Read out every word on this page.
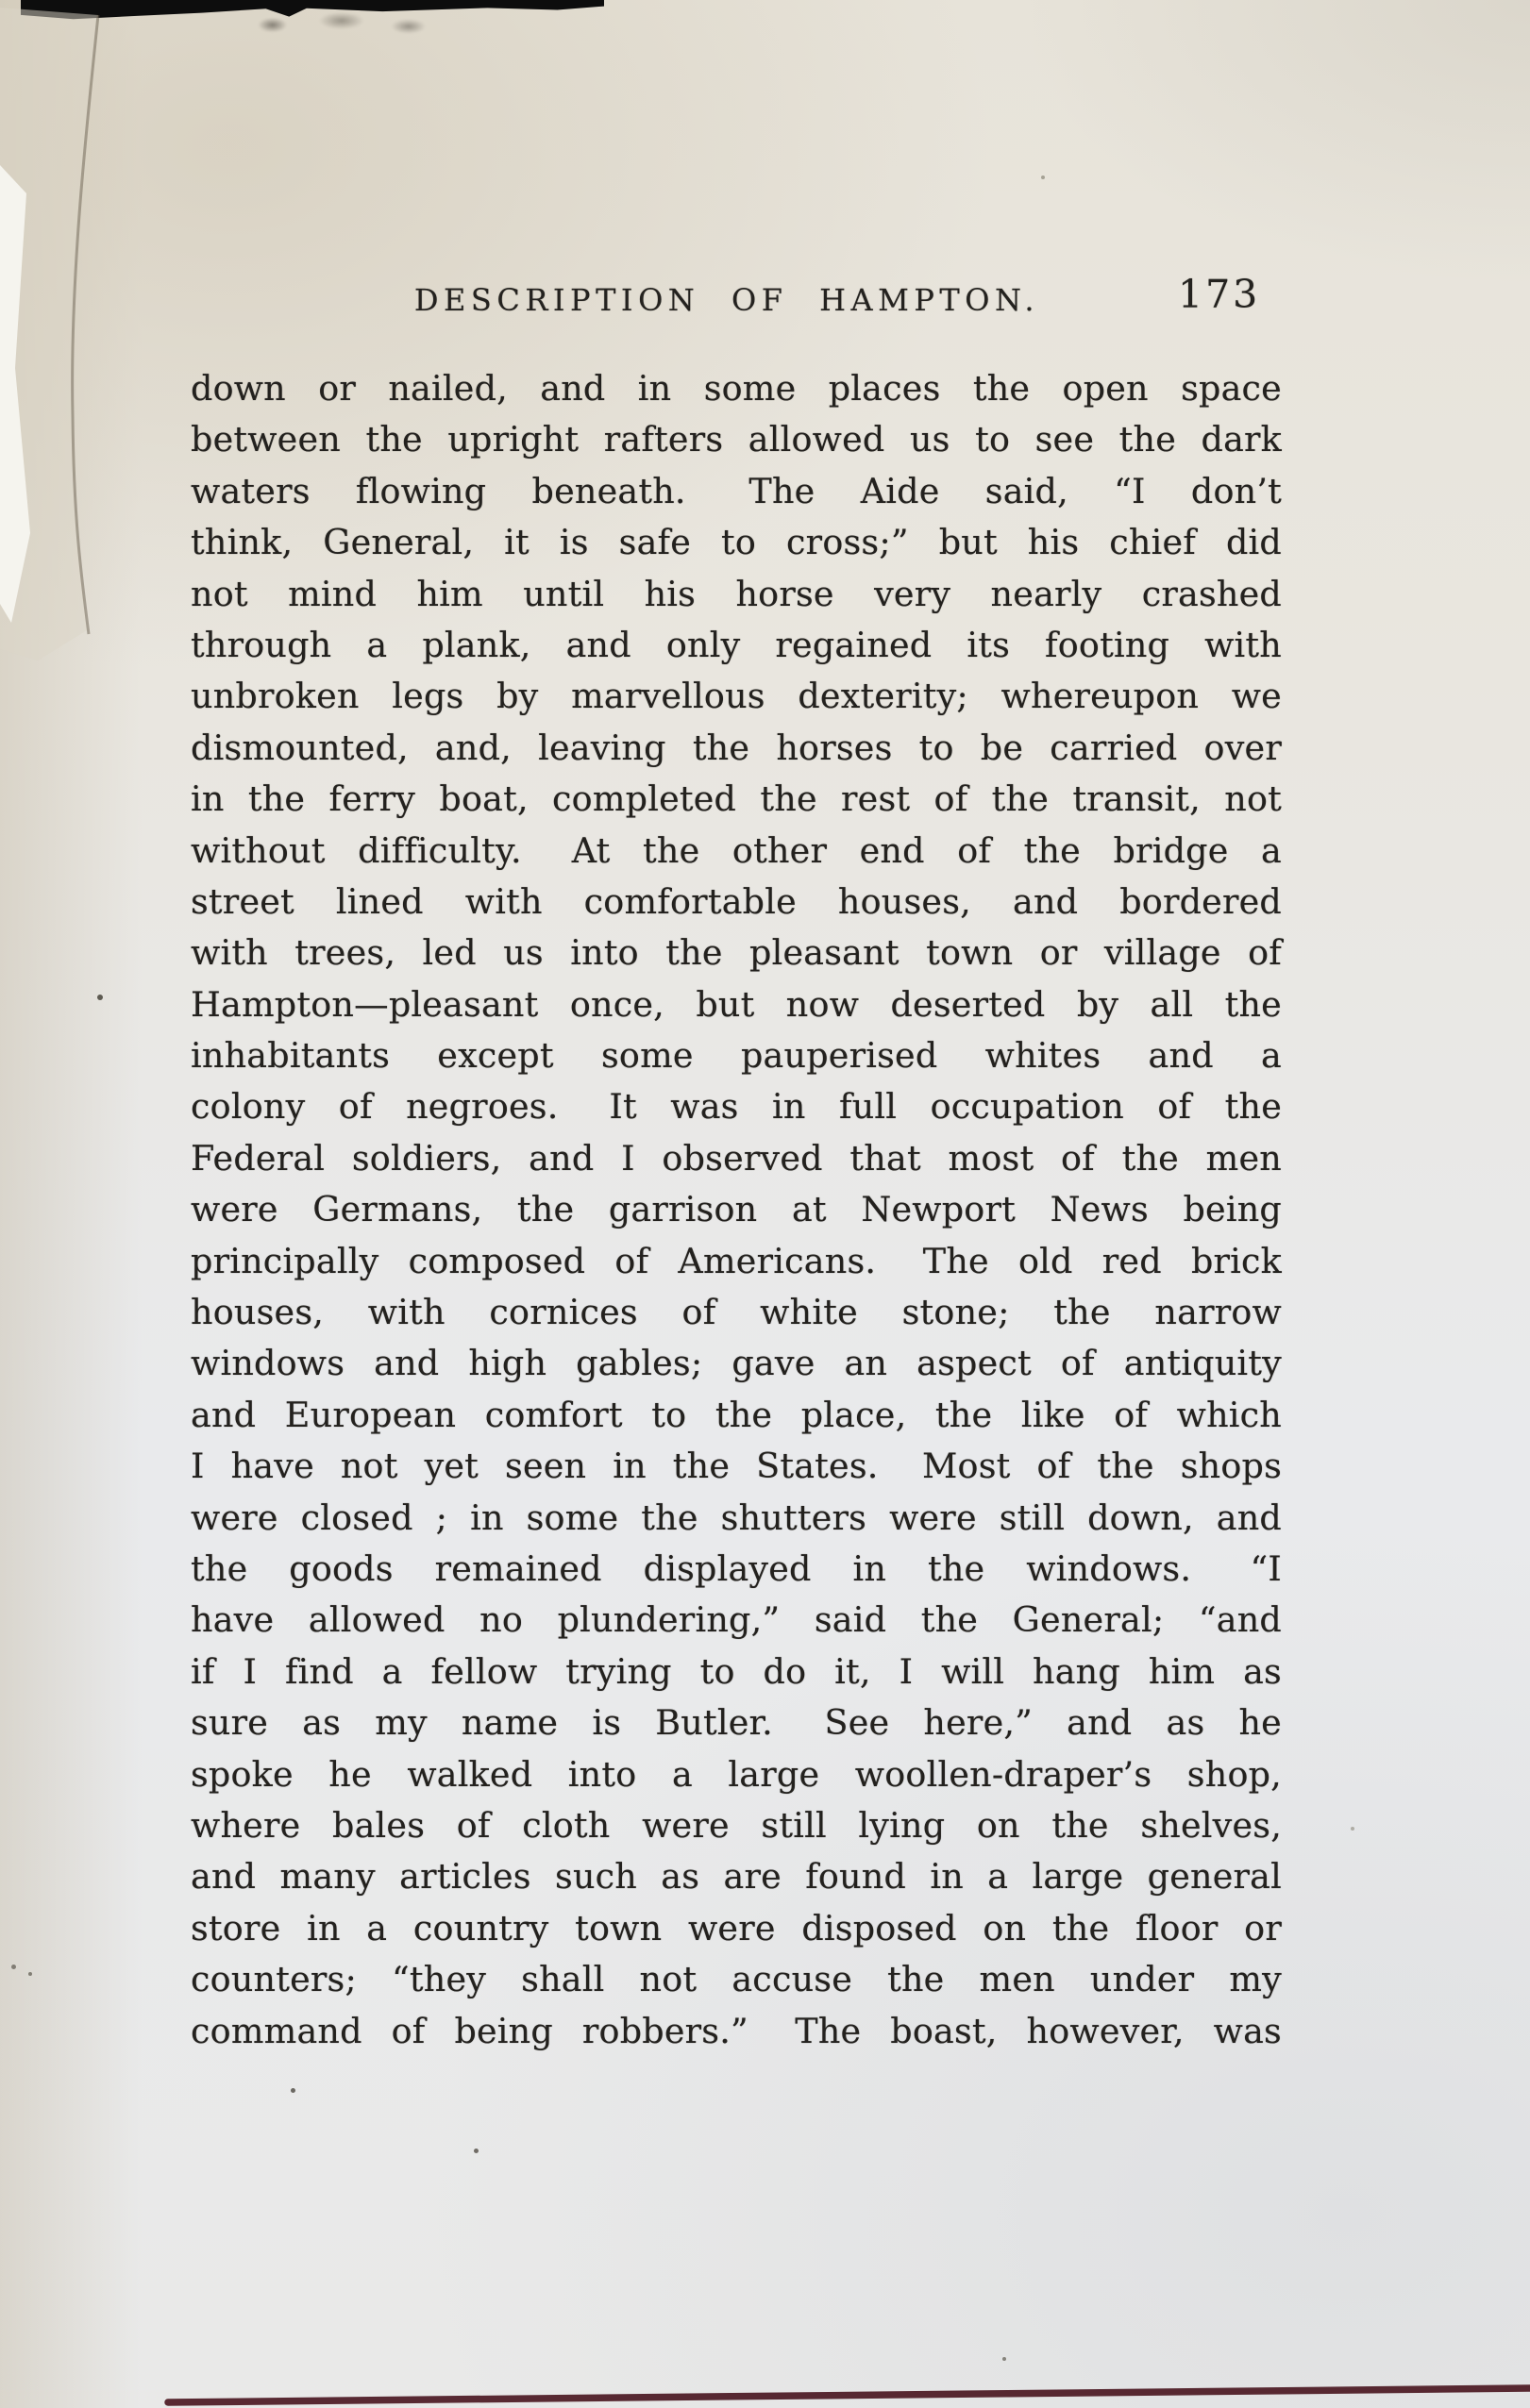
DESCRIPTION OF HAMPTON.	173
down or nailed, and in some places the open space
between the upright rafters allowed us to see the dark
waters flowing beneath.  The Aide said, “I don’t
think, General, it is safe to cross;” but his chief did
not mind him until his horse very nearly crashed
through a plank, and only regained its footing with
unbroken legs by marvellous dexterity; whereupon we
dismounted, and, leaving the horses to be carried over
in the ferry boat, completed the rest of the transit, not
without difficulty.  At the other end of the bridge a
street lined with comfortable houses, and bordered
with trees, led us into the pleasant town or village of
Hampton—pleasant once, but now deserted by all the
inhabitants except some pauperised whites and a
colony of negroes.  It was in full occupation of the
Federal soldiers, and I observed that most of the men
were Germans, the garrison at Newport News being
principally composed of Americans.  The old red brick
houses, with cornices of white stone; the narrow
windows and high gables; gave an aspect of antiquity
and European comfort to the place, the like of which
I have not yet seen in the States.  Most of the shops
were closed ; in some the shutters were still down, and
the goods remained displayed in the windows.  “I
have allowed no plundering,” said the General; “and
if I find a fellow trying to do it, I will hang him as
sure as my name is Butler.  See here,” and as he
spoke he walked into a large woollen-draper’s shop,
where bales of cloth were still lying on the shelves,
and many articles such as are found in a large general
store in a country town were disposed on the floor or
counters; “they shall not accuse the men under my
command of being robbers.”  The boast, however, was
